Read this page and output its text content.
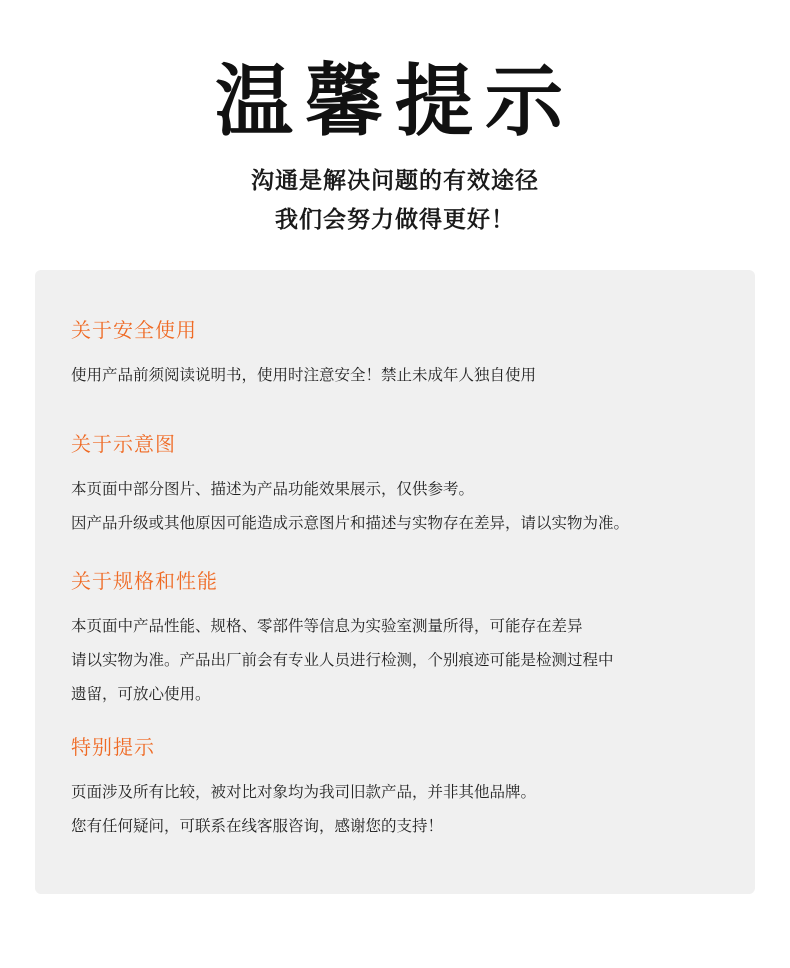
温馨提示
沟通是解决问题的有效途径
我们会努力做得更好！

关于安全使用

使用产品前须阅读说明书，使用时注意安全！禁止未成年人独自使用

关于示意图

本页面中部分图片、描述为产品功能效果展示，仅供参考。

因产品升级或其他原因可能造成示意图片和描述与实物存在差异，请以实物为准。

关于规格和性能

本页面中产品性能、规格、零部件等信息为实验室测量所得，可能存在差异

请以实物为准。产品出厂前会有专业人员进行检测，个别痕迹可能是检测过程中

遗留，可放心使用。

特别提示

页面涉及所有比较，被对比对象均为我司旧款产品，并非其他品牌。

您有任何疑问，可联系在线客服咨询，感谢您的支持！
